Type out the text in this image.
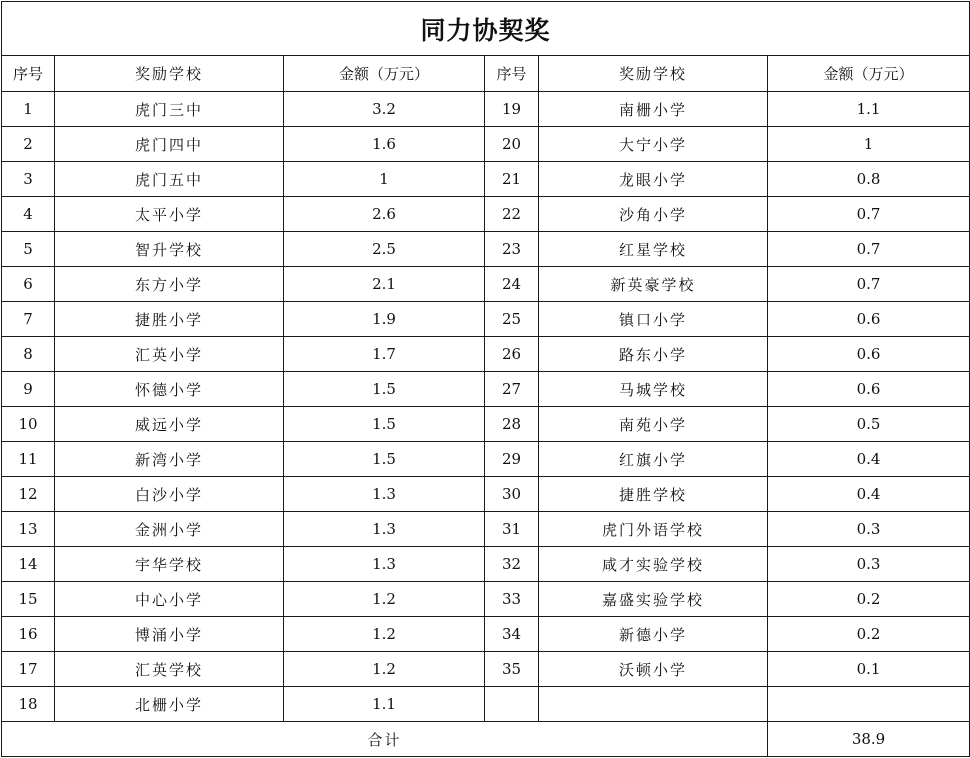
同力协契奖					
序号	奖励学校	金额（万元）	序号	奖励学校	金额（万元）
1	虎门三中	3.2	19	南栅小学	1.1
2	虎门四中	1.6	20	大宁小学	1
3	虎门五中	1	21	龙眼小学	0.8
4	太平小学	2.6	22	沙角小学	0.7
5	智升学校	2.5	23	红星学校	0.7
6	东方小学	2.1	24	新英豪学校	0.7
7	捷胜小学	1.9	25	镇口小学	0.6
8	汇英小学	1.7	26	路东小学	0.6
9	怀德小学	1.5	27	马城学校	0.6
10	威远小学	1.5	28	南苑小学	0.5
11	新湾小学	1.5	29	红旗小学	0.4
12	白沙小学	1.3	30	捷胜学校	0.4
13	金洲小学	1.3	31	虎门外语学校	0.3
14	宇华学校	1.3	32	咸才实验学校	0.3
15	中心小学	1.2	33	嘉盛实验学校	0.2
16	博涌小学	1.2	34	新德小学	0.2
17	汇英学校	1.2	35	沃顿小学	0.1
18	北栅小学	1.1			
合计					38.9
